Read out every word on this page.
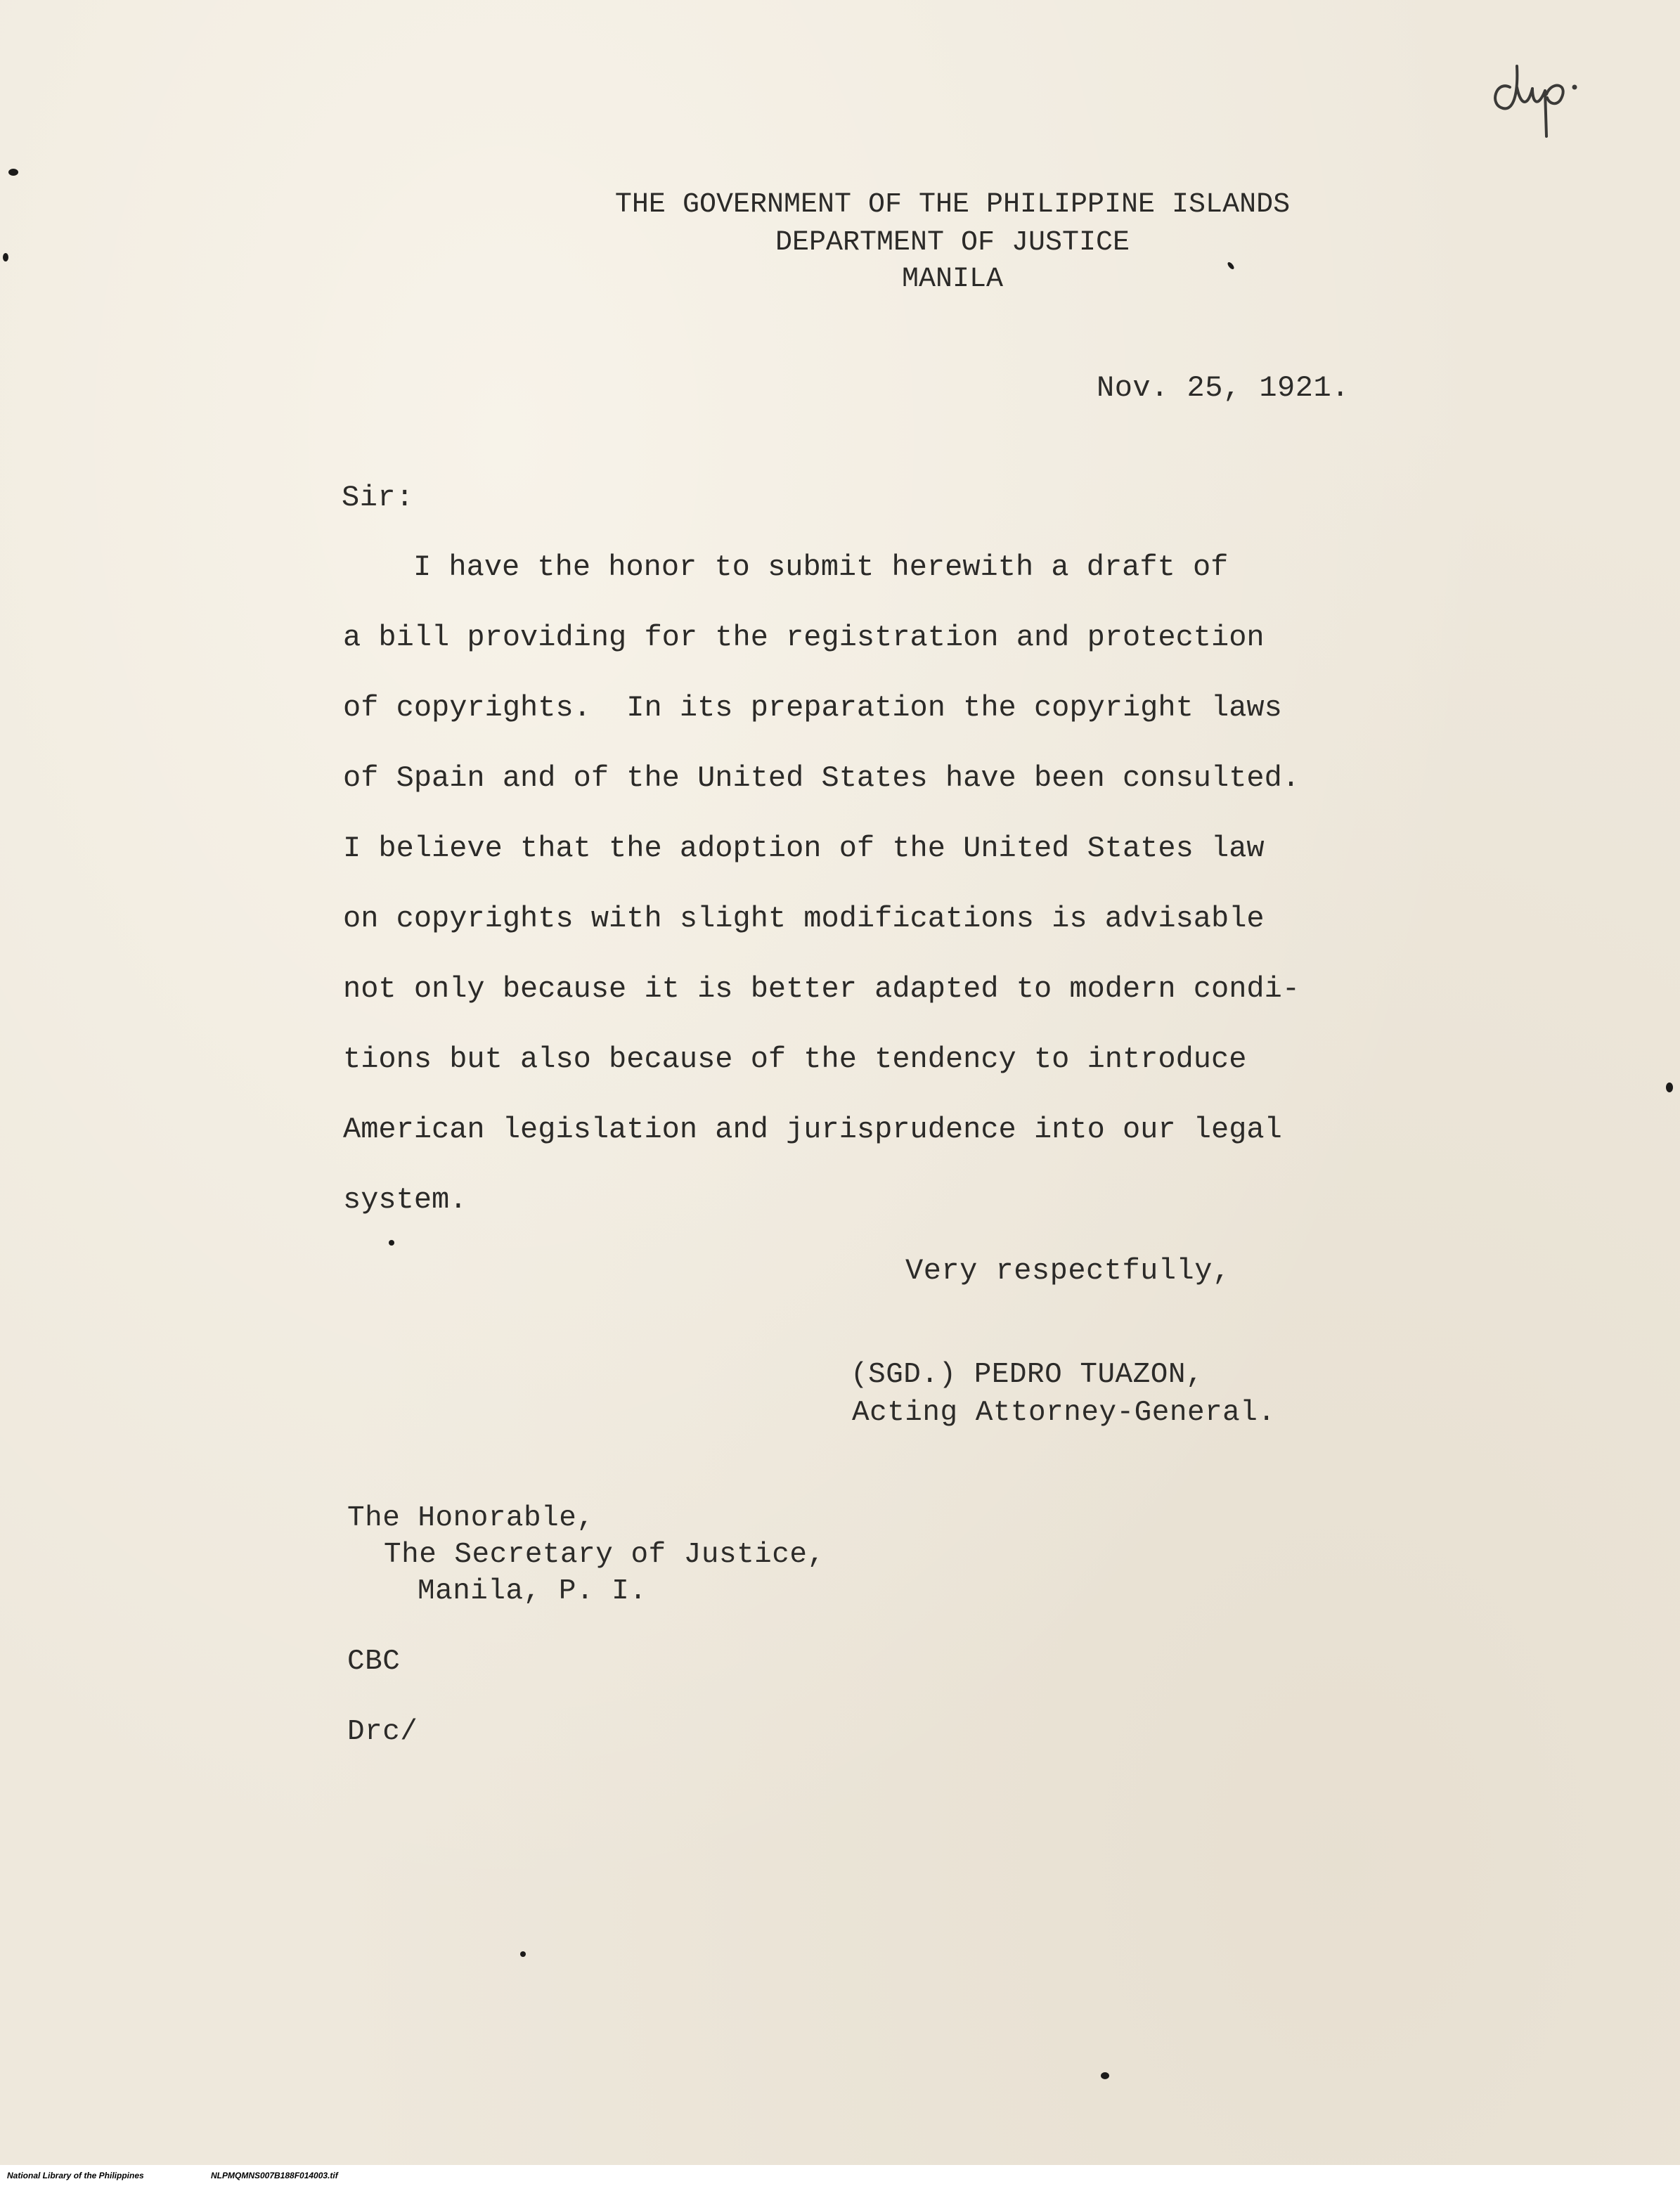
THE GOVERNMENT OF THE PHILIPPINE ISLANDS
DEPARTMENT OF JUSTICE
MANILA
Nov. 25, 1921.
Sir:
I have the honor to submit herewith a draft of
a bill providing for the registration and protection
of copyrights.  In its preparation the copyright laws
of Spain and of the United States have been consulted.
I believe that the adoption of the United States law
on copyrights with slight modifications is advisable
not only because it is better adapted to modern condi-
tions but also because of the tendency to introduce
American legislation and jurisprudence into our legal
system.
Very respectfully,
(SGD.) PEDRO TUAZON,
Acting Attorney-General.
The Honorable,
The Secretary of Justice,
Manila, P. I.
CBC
Drc/
National Library of the Philippines	NLPMQMNS007B188F014003.tif
